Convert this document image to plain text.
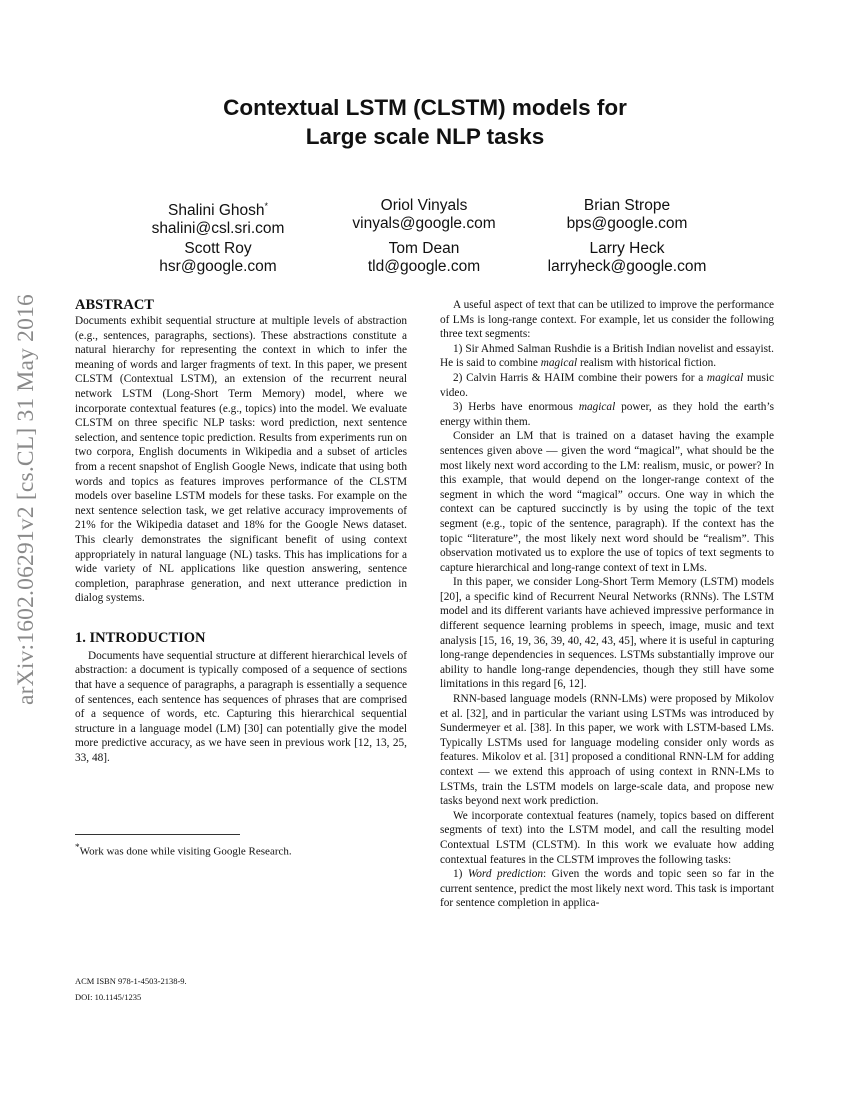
arXiv:1602.06291v2 [cs.CL] 31 May 2016
Contextual LSTM (CLSTM) models for
Large scale NLP tasks
Shalini Ghosh*
shalini@csl.sri.com
Oriol Vinyals
vinyals@google.com
Brian Strope
bps@google.com
Scott Roy
hsr@google.com
Tom Dean
tld@google.com
Larry Heck
larryheck@google.com
ABSTRACT

Documents exhibit sequential structure at multiple levels of abstraction (e.g., sentences, paragraphs, sections). These abstractions constitute a natural hierarchy for representing the context in which to infer the meaning of words and larger fragments of text. In this paper, we present CLSTM (Contextual LSTM), an extension of the recurrent neural network LSTM (Long-Short Term Memory) model, where we incorporate contextual features (e.g., topics) into the model. We evaluate CLSTM on three specific NLP tasks: word prediction, next sentence selection, and sentence topic prediction. Results from experiments run on two corpora, English documents in Wikipedia and a subset of articles from a recent snapshot of English Google News, indicate that using both words and topics as features improves performance of the CLSTM models over baseline LSTM models for these tasks. For example on the next sentence selection task, we get relative accuracy improvements of 21% for the Wikipedia dataset and 18% for the Google News dataset. This clearly demonstrates the significant benefit of using context appropriately in natural language (NL) tasks. This has implications for a wide variety of NL applications like question answering, sentence completion, paraphrase generation, and next utterance prediction in dialog systems.

1. INTRODUCTION

Documents have sequential structure at different hierarchical levels of abstraction: a document is typically composed of a sequence of sections that have a sequence of paragraphs, a paragraph is essentially a sequence of sentences, each sentence has sequences of phrases that are comprised of a sequence of words, etc. Capturing this hierarchical sequential structure in a language model (LM) [30] can potentially give the model more predictive accuracy, as we have seen in previous work [12, 13, 25, 33, 48].

*Work was done while visiting Google Research.
ACM ISBN 978-1-4503-2138-9.
DOI: 10.1145/1235

A useful aspect of text that can be utilized to improve the performance of LMs is long-range context. For example, let us consider the following three text segments:

1) Sir Ahmed Salman Rushdie is a British Indian novelist and essayist. He is said to combine magical realism with historical fiction.

2) Calvin Harris & HAIM combine their powers for a magical music video.

3) Herbs have enormous magical power, as they hold the earth’s energy within them.

Consider an LM that is trained on a dataset having the example sentences given above — given the word “magical”, what should be the most likely next word according to the LM: realism, music, or power? In this example, that would depend on the longer-range context of the segment in which the word “magical” occurs. One way in which the context can be captured succinctly is by using the topic of the text segment (e.g., topic of the sentence, paragraph). If the context has the topic “literature”, the most likely next word should be “realism”. This observation motivated us to explore the use of topics of text segments to capture hierarchical and long-range context of text in LMs.

In this paper, we consider Long-Short Term Memory (LSTM) models [20], a specific kind of Recurrent Neural Networks (RNNs). The LSTM model and its different variants have achieved impressive performance in different sequence learning problems in speech, image, music and text analysis [15, 16, 19, 36, 39, 40, 42, 43, 45], where it is useful in capturing long-range dependencies in sequences. LSTMs substantially improve our ability to handle long-range dependencies, though they still have some limitations in this regard [6, 12].

RNN-based language models (RNN-LMs) were proposed by Mikolov et al. [32], and in particular the variant using LSTMs was introduced by Sundermeyer et al. [38]. In this paper, we work with LSTM-based LMs. Typically LSTMs used for language modeling consider only words as features. Mikolov et al. [31] proposed a conditional RNN-LM for adding context — we extend this approach of using context in RNN-LMs to LSTMs, train the LSTM models on large-scale data, and propose new tasks beyond next work prediction.

We incorporate contextual features (namely, topics based on different segments of text) into the LSTM model, and call the resulting model Contextual LSTM (CLSTM). In this work we evaluate how adding contextual features in the CLSTM improves the following tasks:

1) Word prediction: Given the words and topic seen so far in the current sentence, predict the most likely next word. This task is important for sentence completion in applica-
